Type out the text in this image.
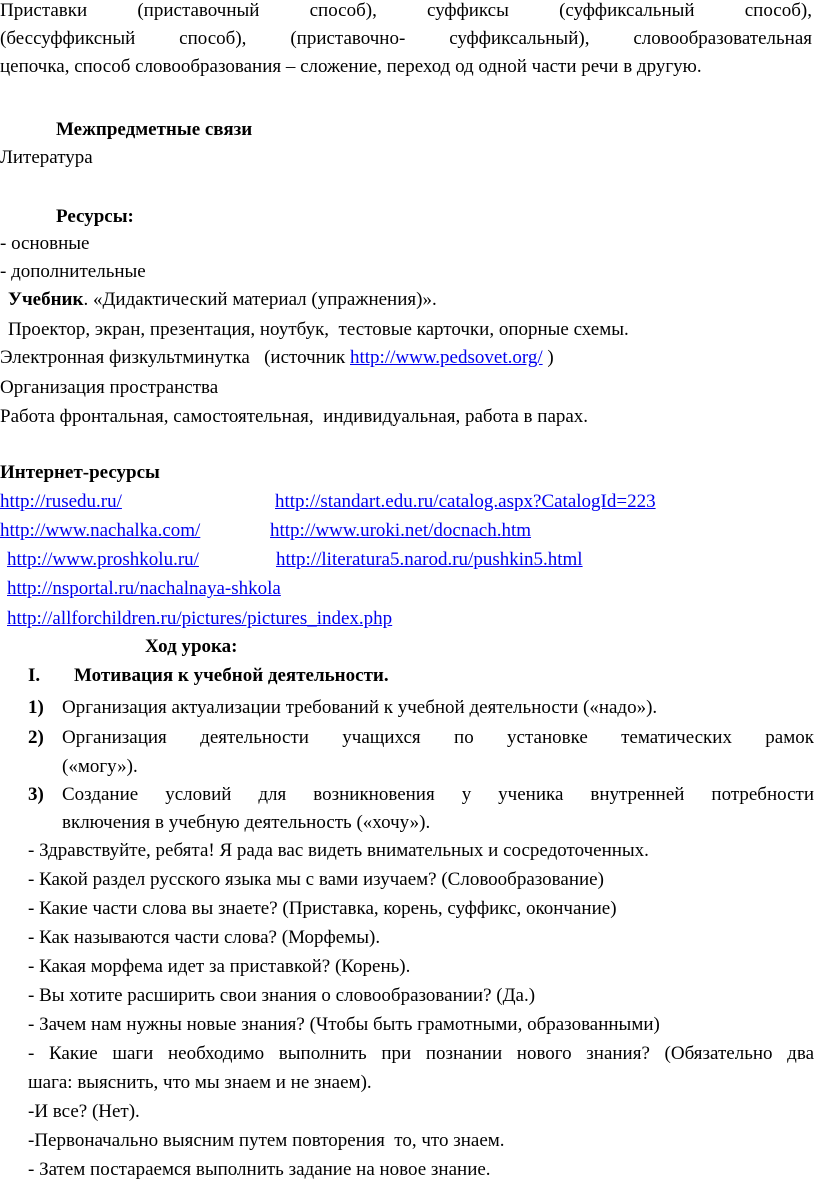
Приставки (приставочный способ), суффиксы (суффиксальный способ),
(бессуффиксный способ), (приставочно- суффиксальный), словообразовательная
цепочка, способ словообразования – сложение, переход од одной части речи в другую.
Межпредметные связи
Литература
Ресурсы:
- основные
- дополнительные
Учебник. «Дидактический материал (упражнения)».
Проектор, экран, презентация, ноутбук,  тестовые карточки, опорные схемы.
Электронная физкультминутка   (источник http://www.pedsovet.org/ )
Организация пространства
Работа фронтальная, самостоятельная,  индивидуальная, работа в парах.
Интернет-ресурсы
http://rusedu.ru/	http://standart.edu.ru/catalog.aspx?CatalogId=223
http://www.nachalka.com/	http://www.uroki.net/docnach.htm
http://www.proshkolu.ru/	http://literatura5.narod.ru/pushkin5.html
http://nsportal.ru/nachalnaya-shkola
http://allforchildren.ru/pictures/pictures_index.php
Ход урока:
I. Мотивация к учебной деятельности.
1) Организация актуализации требований к учебной деятельности («надо»).
2) Организация деятельности учащихся по установке тематических рамок
(«могу»).
3) Создание условий для возникновения у ученика внутренней потребности
включения в учебную деятельность («хочу»).
- Здравствуйте, ребята! Я рада вас видеть внимательных и сосредоточенных.
- Какой раздел русского языка мы с вами изучаем? (Словообразование)
- Какие части слова вы знаете? (Приставка, корень, суффикс, окончание)
- Как называются части слова? (Морфемы).
- Какая морфема идет за приставкой? (Корень).
- Вы хотите расширить свои знания о словообразовании? (Да.)
- Зачем нам нужны новые знания? (Чтобы быть грамотными, образованными)
- Какие шаги необходимо выполнить при познании нового знания? (Обязательно два
шага: выяснить, что мы знаем и не знаем).
-И все? (Нет).
-Первоначально выясним путем повторения  то, что знаем.
- Затем постараемся выполнить задание на новое знание.
